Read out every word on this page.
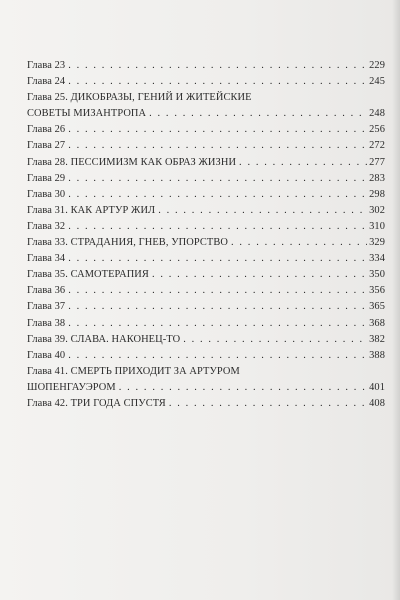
Глава 23 . . .	229
Глава 24 . . .	245
Глава 25. ДИКОБРАЗЫ, ГЕНИЙ И ЖИТЕЙСКИЕ
СОВЕТЫ МИЗАНТРОПА . . .	248
Глава 26 . . .	256
Глава 27 . . .	272
Глава 28. ПЕССИМИЗМ КАК ОБРАЗ ЖИЗНИ . . .	277
Глава 29 . . .	283
Глава 30 . . .	298
Глава 31. КАК АРТУР ЖИЛ . . .	302
Глава 32 . . .	310
Глава 33. СТРАДАНИЯ, ГНЕВ, УПОРСТВО . . .	329
Глава 34 . . .	334
Глава 35. САМОТЕРАПИЯ . . .	350
Глава 36 . . .	356
Глава 37 . . .	365
Глава 38 . . .	368
Глава 39. СЛАВА. НАКОНЕЦ-ТО . . .	382
Глава 40 . . .	388
Глава 41. СМЕРТЬ ПРИХОДИТ ЗА АРТУРОМ
ШОПЕНГАУЭРОМ . . .	401
Глава 42. ТРИ ГОДА СПУСТЯ . . .	408
